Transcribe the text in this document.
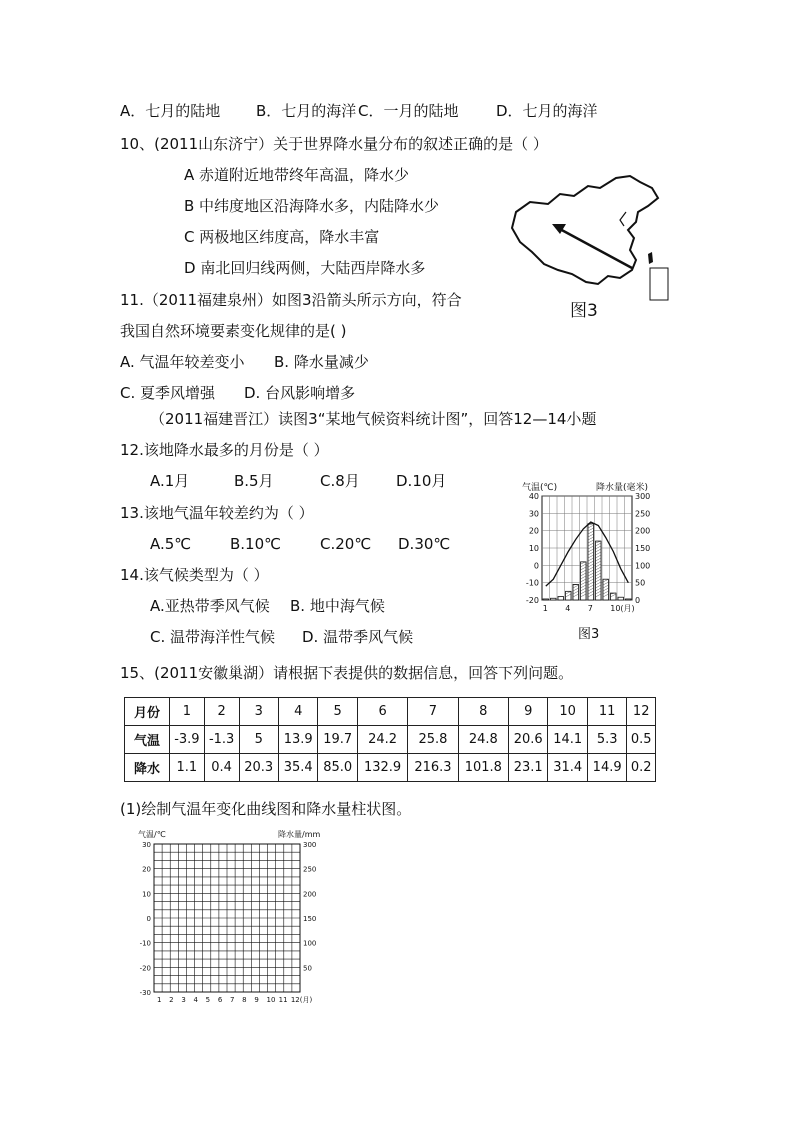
A．七月的陆地 B．七月的海洋 C．一月的陆地	D．七月的海洋
10、(2011山东济宁）关于世界降水量分布的叙述正确的是（ ）
A 赤道附近地带终年高温，降水少
B 中纬度地区沿海降水多，内陆降水少
C 两极地区纬度高，降水丰富
D 南北回归线两侧，大陆西岸降水多
图3
11.（2011福建泉州）如图3沿箭头所示方向，符合
我国自然环境要素变化规律的是( )
A. 气温年较差变小 B. 降水量减少
C. 夏季风增强 D. 台风影响增多
（2011福建晋江）读图3“某地气候资料统计图”，回答12—14小题
12.该地降水最多的月份是（ ）
A.1月	B.5月	C.8月 D.10月
13.该地气温年较差约为（ ）
A.5℃	B.10℃	C.20℃ D.30℃
14.该气候类型为（ ）
A.亚热带季风气候 B. 地中海气候
C. 温带海洋性气候 D. 温带季风气候
气温(℃)	降水量(毫米)
40	300
30	250
20	200
10	150
0	100
-10	50
-20	0
1 4 7 10(月)
图3
15、(2011安徽巢湖）请根据下表提供的数据信息，回答下列问题。
月份	1	2	3	4	5	6	7	8	9	10	11	12
气温	-3.9	-1.3	5	13.9	19.7	24.2	25.8	24.8	20.6	14.1	5.3	0.5
降水	1.1	0.4	20.3	35.4	85.0	132.9	216.3	101.8	23.1	31.4	14.9	0.2
(1)绘制气温年变化曲线图和降水量柱状图。
气温/℃	降水量/mm
30
20
10
0
-10
-20
-30
300
250
200
150
100
50
1 2 3 4 5 6 7 8 9 10 11 12(月)
